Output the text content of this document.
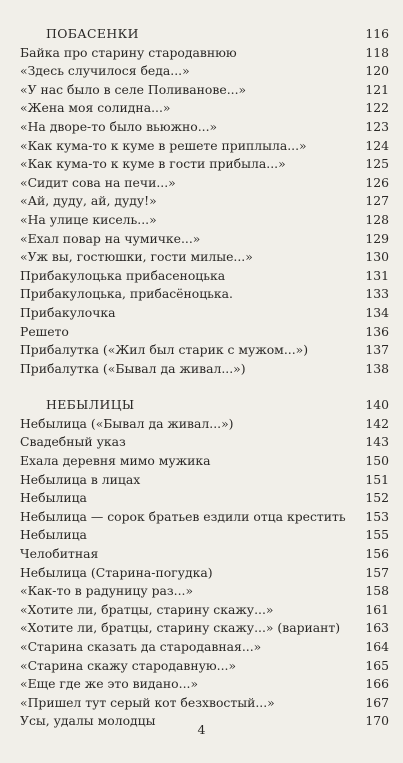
ПОБАСЕНКИ	116
Байка про старину стародавнюю	118
«Здесь случилося беда...»	120
«У нас было в селе Поливанове...»	121
«Жена моя солидна...»	122
«На дворе-то было вьюжно...»	123
«Как кума-то к куме в решете приплыла...»	124
«Как кума-то к куме в гости прибыла...»	125
«Сидит сова на печи...»	126
«Ай, дуду, ай, дуду!»	127
«На улице кисель...»	128
«Ехал повар на чумичке...»	129
«Уж вы, гостюшки, гости милые...»	130
Прибакулоцька прибасеноцька	131
Прибакулоцька, прибасёноцька.	133
Прибакулочка	134
Решето	136
Прибалутка («Жил был старик с мужом...»)	137
Прибалутка («Бывал да живал...»)	138
НЕБЫЛИЦЫ	140
Небылица («Бывал да живал...»)	142
Свадебный указ	143
Ехала деревня мимо мужика	150
Небылица в лицах	151
Небылица	152
Небылица — сорок братьев ездили отца крестить	153
Небылица	155
Челобитная	156
Небылица (Старина-погудка)	157
«Как-то в радуницу раз...»	158
«Хотите ли, братцы, старину скажу...»	161
«Хотите ли, братцы, старину скажу...» (вариант)	163
«Старина сказать да стародавная...»	164
«Старина скажу стародавную...»	165
«Еще где же это видано...»	166
«Пришел тут серый кот безхвостый...»	167
Усы, удалы молодцы	170
4
